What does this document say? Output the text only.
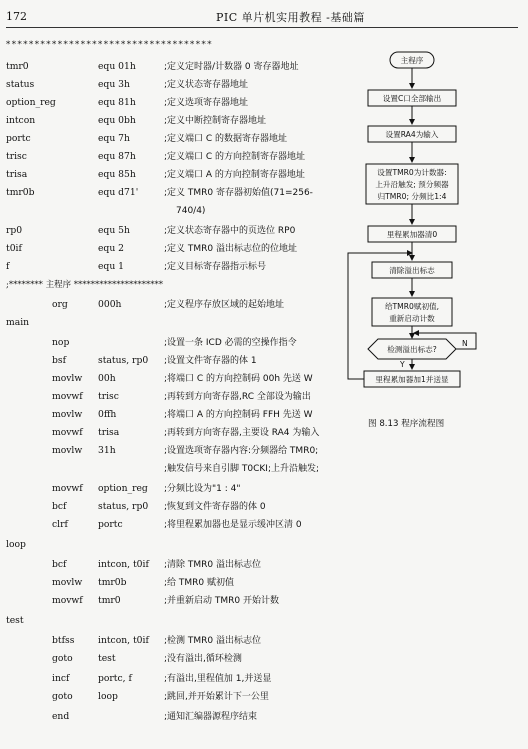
172	PIC 单片机实用教程 -基础篇
************************************
tmr0	equ 01h	;定义定时器/计数器 0 寄存器地址
status	equ 3h	;定义状态寄存器地址
option_reg	equ 81h	;定义选项寄存器地址
intcon	equ 0bh	;定义中断控制寄存器地址
portc	equ 7h	;定义端口 C 的数据寄存器地址
trisc	equ 87h	;定义端口 C 的方向控制寄存器地址
trisa	equ 85h	;定义端口 A 的方向控制寄存器地址
tmr0b	equ d71'	;定义 TMR0 寄存器初始值(71=256-
740/4)
rp0	equ 5h	;定义状态寄存器中的页选位 RP0
t0if	equ 2	;定义 TMR0 溢出标志位的位地址
f	equ 1	;定义目标寄存器指示标号
;******** 主程序 *********************
org	000h	;定义程序存放区域的起始地址
main
nop	;设置一条 ICD 必需的空操作指令
bsf	status, rp0 ;设置文件寄存器的体 1
movlw 00h	;将端口 C 的方向控制码 00h 先送 W
movwf trisc	;再转到方向寄存器,RC 全部设为输出
movlw 0ffh	;将端口 A 的方向控制码 FFH 先送 W
movwf trisa	;再转到方向寄存器,主要设 RA4 为输入
movlw 31h	;设置选项寄存器内容:分频器给 TMR0;
;触发信号来自引脚 T0CKI;上升沿触发;
movwf option_reg ;分频比设为"1 : 4"
bcf	status, rp0 ;恢复到文件寄存器的体 0
clrf	portc	;将里程累加器也是显示缓冲区清 0
loop
bcf	intcon, t0if ;清除 TMR0 溢出标志位
movlw tmr0b	;给 TMR0 赋初值
movwf tmr0	;并重新启动 TMR0 开始计数
test
btfss	intcon, t0if ;检测 TMR0 溢出标志位
goto	test	;没有溢出,循环检测
incf	portc, f	;有溢出,里程值加 1,并送显
goto	loop	;跳回,并开始累计下一公里
end	;通知汇编器源程序结束
主程序
设置C口全部输出
设置RA4为输入
设置TMR0为计数器:
上升沿触发; 预分频器
归TMR0; 分频比1:4
里程累加器清0
清除溢出标志
给TMR0赋初值,
重新启动计数
检测溢出标志?
N
Y
里程累加器加1并送显
图 8.13 程序流程图
